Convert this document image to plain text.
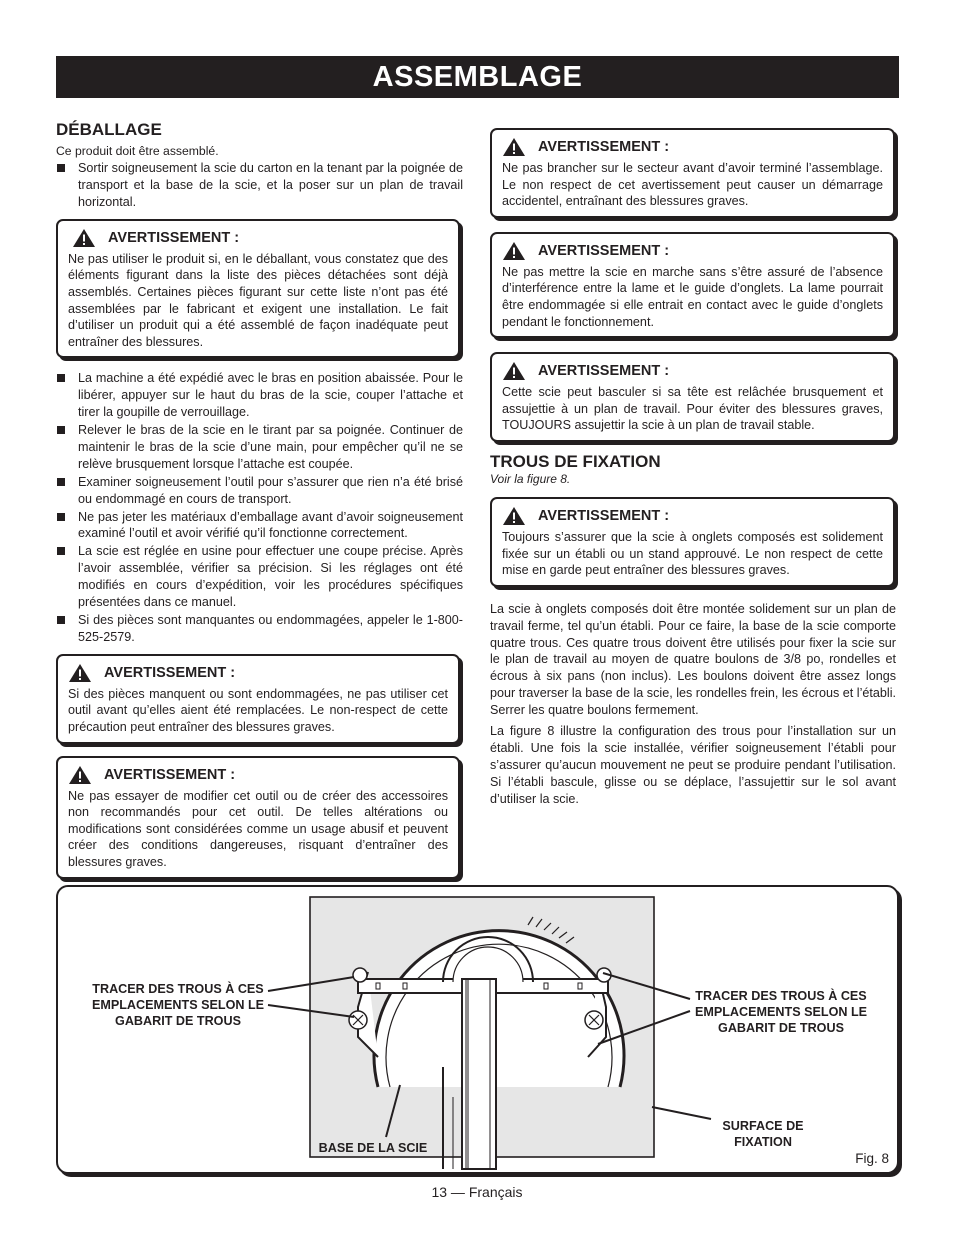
ASSEMBLAGE
DÉBALLAGE

Ce produit doit être assemblé.

Sortir soigneusement la scie du carton en la tenant par la poignée de transport et la base de la scie, et la poser sur un plan de travail horizontal.
AVERTISSEMENT :

Ne pas utiliser le produit si, en le déballant, vous constatez que des éléments figurant dans la liste des pièces détachées sont déjà assemblés. Certaines pièces figurant sur cette liste n’ont pas été assemblées par le fabricant et exigent une installation. Le fait d’utiliser un produit qui a été assemblé de façon inadéquate peut entraîner des blessures.

La machine a été expédié avec le bras en position abaissée. Pour le libérer, appuyer sur le haut du bras de la scie, couper l’attache et tirer la goupille de verrouillage.
Relever le bras de la scie en le tirant par sa poignée. Continuer de maintenir le bras de la scie d’une main, pour empêcher qu’il ne se relève brusquement lorsque l’attache est coupée.
Examiner soigneusement l’outil pour s’assurer que rien n’a été brisé ou endommagé en cours de transport.
Ne pas jeter les matériaux d’emballage avant d’avoir soigneusement examiné l’outil et avoir vérifié qu’il fonctionne correctement.
La scie est réglée en usine pour effectuer une coupe précise. Après l’avoir assemblée, vérifier sa précision. Si les réglages ont été modifiés en cours d’expédition, voir les procédures spécifiques présentées dans ce manuel.
Si des pièces sont manquantes ou endommagées, appeler le 1-800-525-2579.
AVERTISSEMENT :

Si des pièces manquent ou sont endommagées, ne pas utiliser cet outil avant qu’elles aient été remplacées. Le non-respect de cette précaution peut entraîner des blessures graves.

AVERTISSEMENT :

Ne pas essayer de modifier cet outil ou de créer des accessoires non recommandés pour cet outil. De telles altérations ou modifications sont considérées comme un usage abusif et peuvent créer des conditions dangereuses, risquant d’entraîner des blessures graves.

AVERTISSEMENT :

Ne pas brancher sur le secteur avant d’avoir terminé l’assemblage. Le non respect de cet avertissement peut causer un démarrage accidentel, entraînant des blessures graves.

AVERTISSEMENT :

Ne pas mettre la scie en marche sans s’être assuré de l’absence d’interférence entre la lame et le guide d’onglets. La lame pourrait être endommagée si elle entrait en contact avec le guide d’onglets pendant le fonctionnement.

AVERTISSEMENT :

Cette scie peut basculer si sa tête est relâchée brusquement et assujettie à un plan de travail. Pour éviter des blessures graves, TOUJOURS assujettir la scie à un plan de travail stable.

TROUS DE FIXATION

Voir la figure 8.

AVERTISSEMENT :

Toujours s’assurer que la scie à onglets composés est solidement fixée sur un établi ou un stand approuvé. Le non respect de cette mise en garde peut entraîner des blessures graves.

La scie à onglets composés doit être montée solidement sur un plan de travail ferme, tel qu’un établi. Pour ce faire, la base de la scie comporte quatre trous. Ces quatre trous doivent être utilisés pour fixer la scie sur le plan de travail au moyen de quatre boulons de 3/8 po, rondelles et écrous à six pans (non inclus). Les boulons doivent être assez longs pour traverser la base de la scie, les rondelles frein, les écrous et l’établi. Serrer les quatre boulons fermement.

La figure 8 illustre la configuration des trous pour l’installation sur un établi. Une fois la scie installée, vérifier soigneusement l’établi pour s’assurer qu’aucun mouvement ne peut se produire pendant l’utilisation. Si l’établi bascule, glisse ou se déplace, l’assujettir sur le sol avant d’utiliser la scie.

TRACER DES TROUS À CES EMPLACEMENTS SELON LE GABARIT DE TROUS
TRACER DES TROUS À CES EMPLACEMENTS SELON LE GABARIT DE TROUS
BASE DE LA SCIE
SURFACE DE FIXATION
Fig. 8
13 — Français
